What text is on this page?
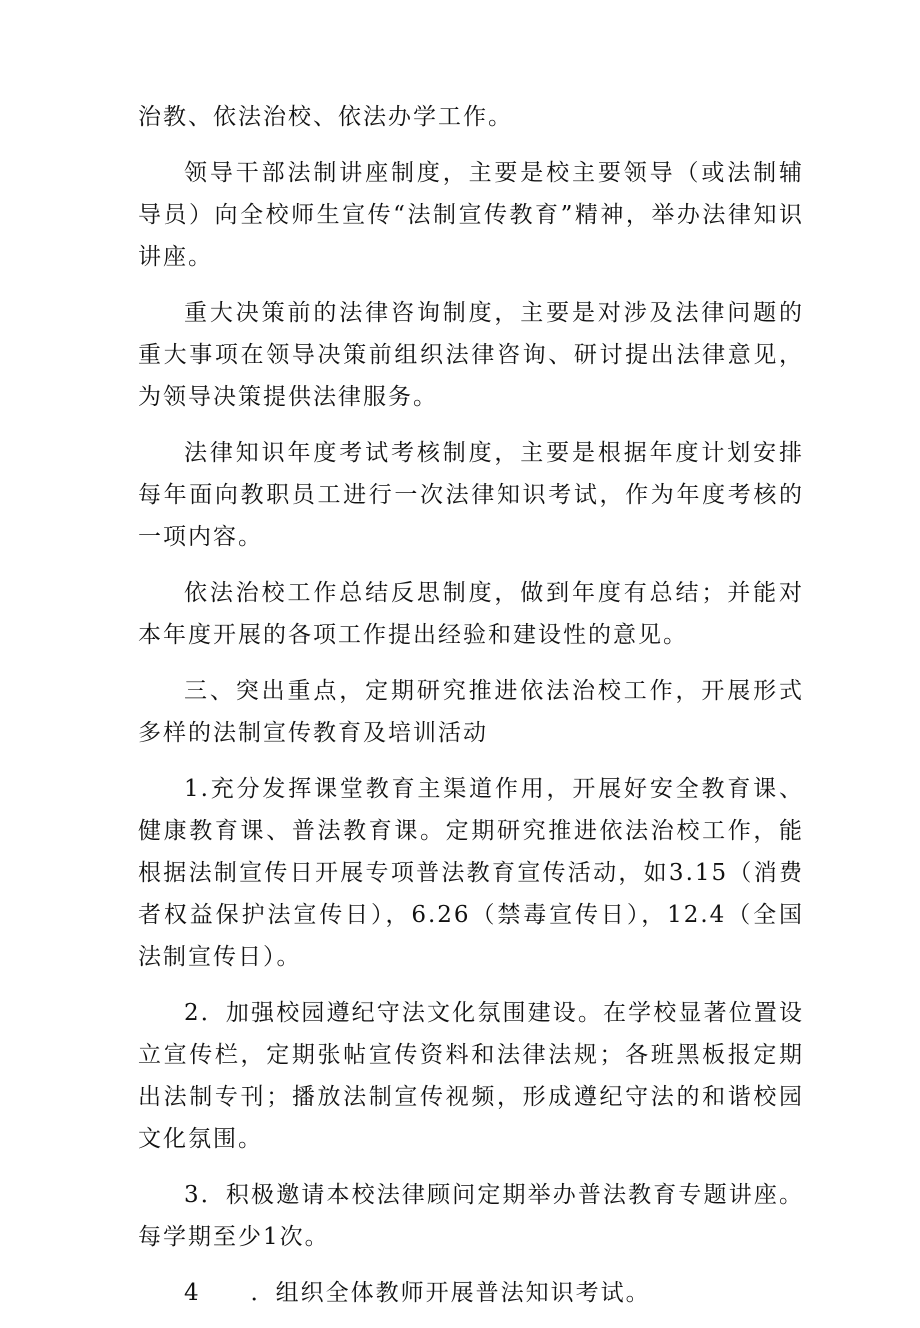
治教、依法治校、依法办学工作。

领导干部法制讲座制度，主要是校主要领导（或法制辅导员）向全校师生宣传“法制宣传教育”精神，举办法律知识讲座。

重大决策前的法律咨询制度，主要是对涉及法律问题的重大事项在领导决策前组织法律咨询、研讨提出法律意见，为领导决策提供法律服务。

法律知识年度考试考核制度，主要是根据年度计划安排每年面向教职员工进行一次法律知识考试，作为年度考核的一项内容。

依法治校工作总结反思制度，做到年度有总结；并能对本年度开展的各项工作提出经验和建设性的意见。

三、突出重点，定期研究推进依法治校工作，开展形式多样的法制宣传教育及培训活动

1.充分发挥课堂教育主渠道作用，开展好安全教育课、健康教育课、普法教育课。定期研究推进依法治校工作，能根据法制宣传日开展专项普法教育宣传活动，如3.15（消费者权益保护法宣传日），6.26（禁毒宣传日），12.4（全国法制宣传日）。

2．加强校园遵纪守法文化氛围建设。在学校显著位置设立宣传栏，定期张帖宣传资料和法律法规；各班黑板报定期出法制专刊；播放法制宣传视频，形成遵纪守法的和谐校园文化氛围。

3．积极邀请本校法律顾问定期举办普法教育专题讲座。每学期至少1次。

4　　．组织全体教师开展普法知识考试。
